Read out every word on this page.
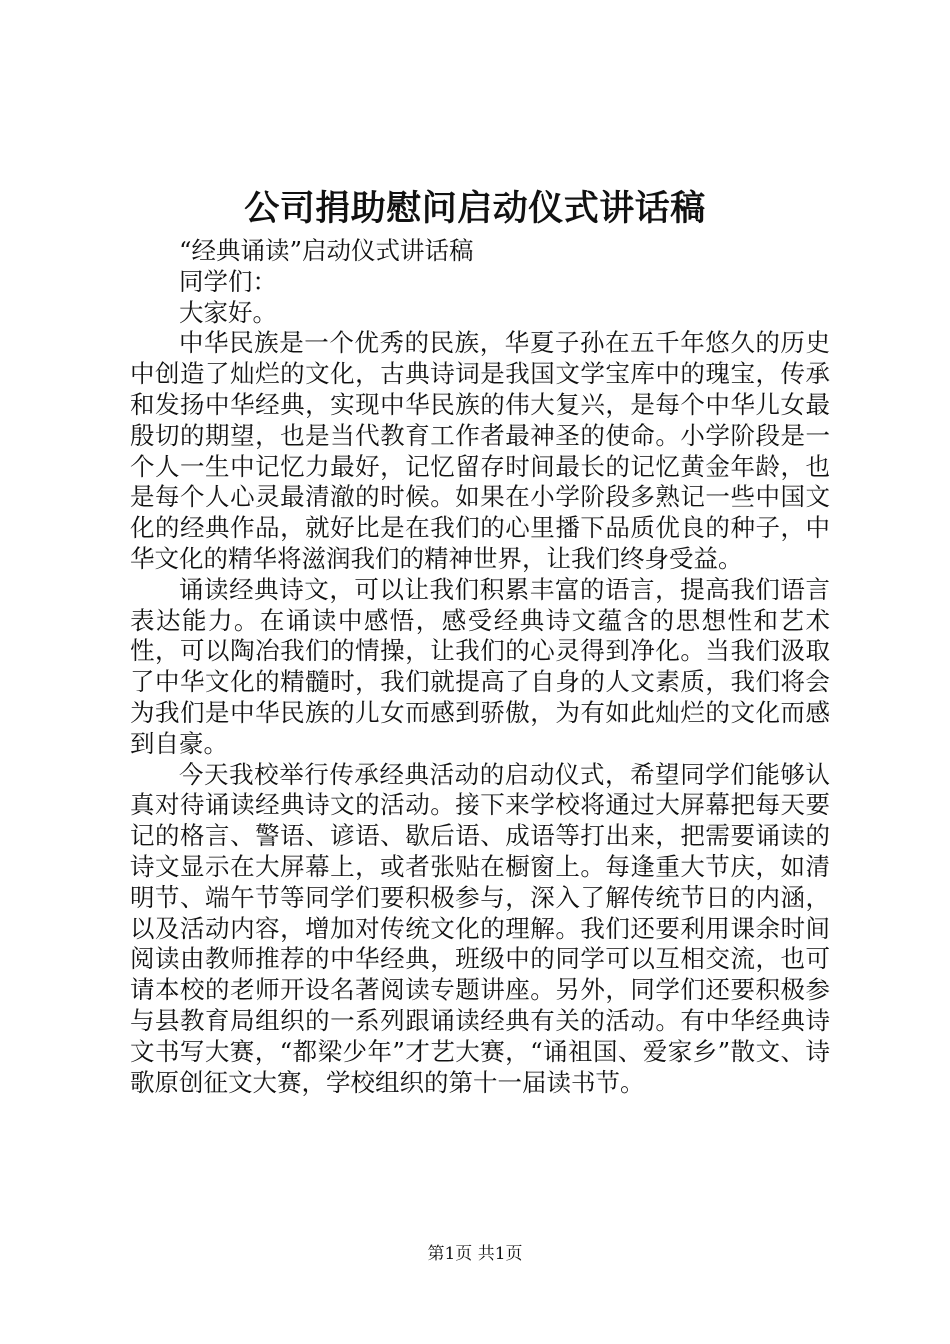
公司捐助慰问启动仪式讲话稿

“经典诵读”启动仪式讲话稿

同学们：

大家好。

中华民族是一个优秀的民族，华夏子孙在五千年悠久的历史中创造了灿烂的文化，古典诗词是我国文学宝库中的瑰宝，传承和发扬中华经典，实现中华民族的伟大复兴，是每个中华儿女最殷切的期望，也是当代教育工作者最神圣的使命。小学阶段是一个人一生中记忆力最好，记忆留存时间最长的记忆黄金年龄，也是每个人心灵最清澈的时候。如果在小学阶段多熟记一些中国文化的经典作品，就好比是在我们的心里播下品质优良的种子，中华文化的精华将滋润我们的精神世界，让我们终身受益。

诵读经典诗文，可以让我们积累丰富的语言，提高我们语言表达能力。在诵读中感悟，感受经典诗文蕴含的思想性和艺术性，可以陶冶我们的情操，让我们的心灵得到净化。当我们汲取了中华文化的精髓时，我们就提高了自身的人文素质，我们将会为我们是中华民族的儿女而感到骄傲，为有如此灿烂的文化而感到自豪。

今天我校举行传承经典活动的启动仪式，希望同学们能够认真对待诵读经典诗文的活动。接下来学校将通过大屏幕把每天要记的格言、警语、谚语、歇后语、成语等打出来，把需要诵读的诗文显示在大屏幕上，或者张贴在橱窗上。每逢重大节庆，如清明节、端午节等同学们要积极参与，深入了解传统节日的内涵，以及活动内容，增加对传统文化的理解。我们还要利用课余时间阅读由教师推荐的中华经典，班级中的同学可以互相交流，也可请本校的老师开设名著阅读专题讲座。另外，同学们还要积极参与县教育局组织的一系列跟诵读经典有关的活动。有中华经典诗文书写大赛，“都梁少年”才艺大赛，“诵祖国、爱家乡”散文、诗歌原创征文大赛，学校组织的第十一届读书节。

第1页 共1页
